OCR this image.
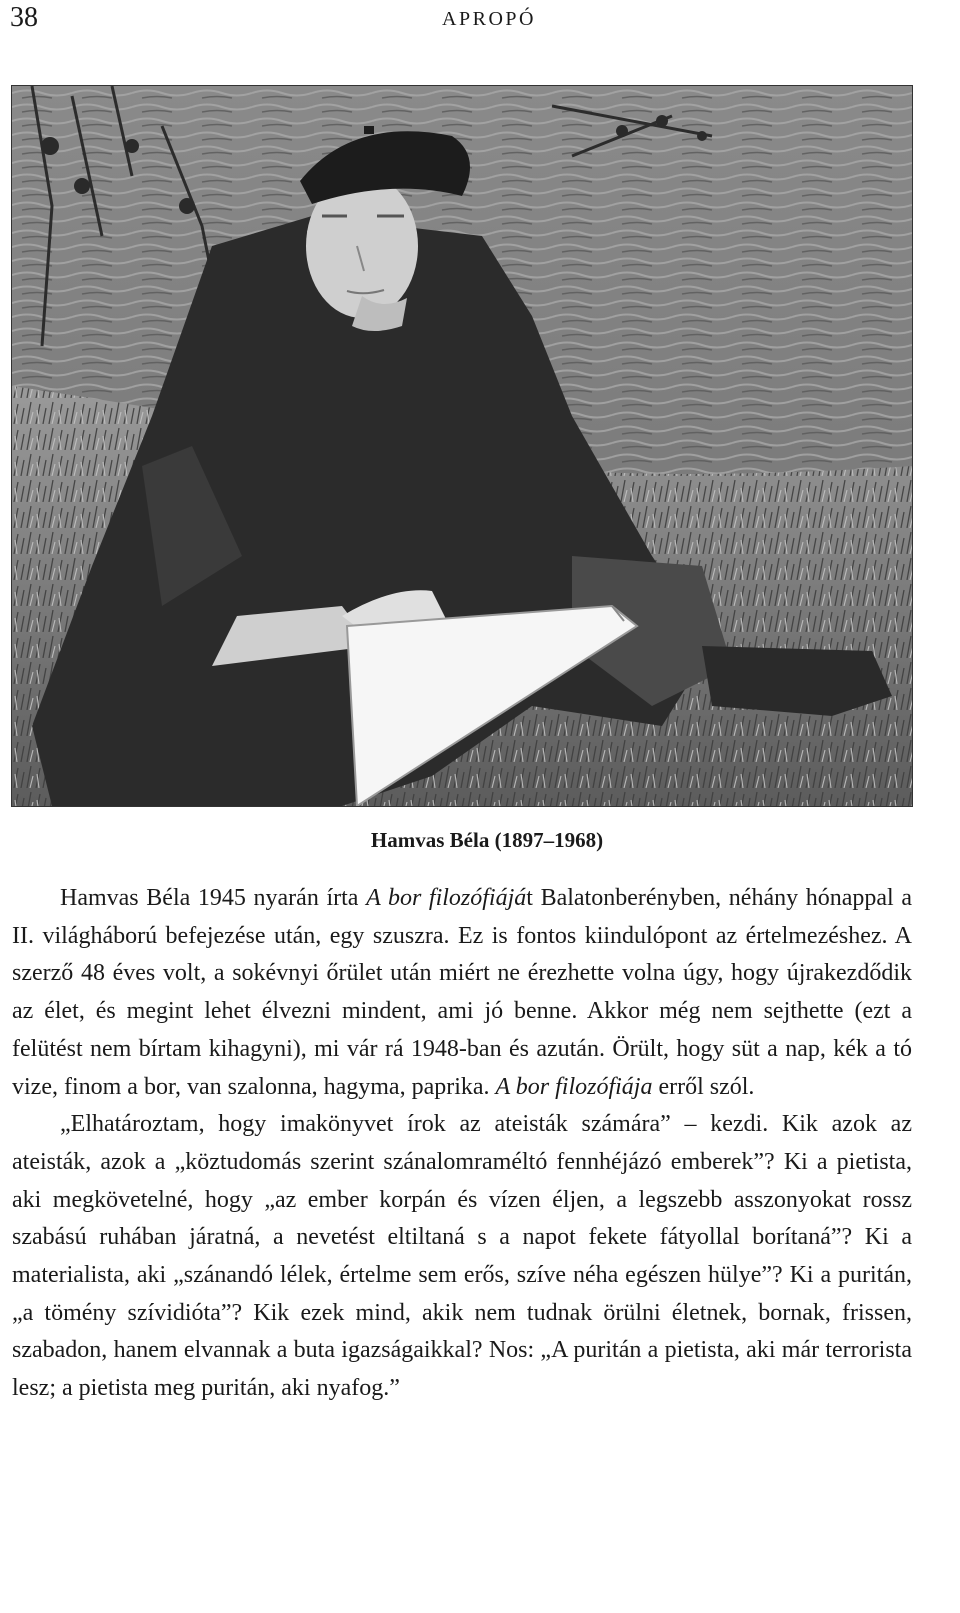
38	APROPÓ
Hamvas Béla (1897–1968)

Hamvas Béla 1945 nyarán írta A bor filozófiáját Balatonberényben, néhány hónappal a II. világháború befejezése után, egy szuszra. Ez is fontos kiindulópont az értelmezéshez. A szerző 48 éves volt, a sokévnyi őrület után miért ne érezhette volna úgy, hogy újrakezdődik az élet, és megint lehet élvezni mindent, ami jó benne. Akkor még nem sejthette (ezt a felütést nem bírtam kihagyni), mi vár rá 1948-ban és azután. Örült, hogy süt a nap, kék a tó vize, finom a bor, van szalonna, hagyma, paprika. A bor filozófiája erről szól.

„Elhatároztam, hogy imakönyvet írok az ateisták számára” – kezdi. Kik azok az ateisták, azok a „köztudomás szerint szánalomraméltó fennhéjázó emberek”? Ki a pietista, aki megkövetelné, hogy „az ember korpán és vízen éljen, a legszebb asszonyokat rossz szabású ruhában járatná, a nevetést eltiltaná s a napot fekete fátyollal borítaná”? Ki a materialista, aki „szánandó lélek, értelme sem erős, szíve néha egészen hülye”? Ki a puritán, „a tömény szívidióta”? Kik ezek mind, akik nem tudnak örülni életnek, bornak, frissen, szabadon, hanem elvannak a buta igazságaikkal? Nos: „A puritán a pietista, aki már terrorista lesz; a pietista meg puritán, aki nyafog.”
